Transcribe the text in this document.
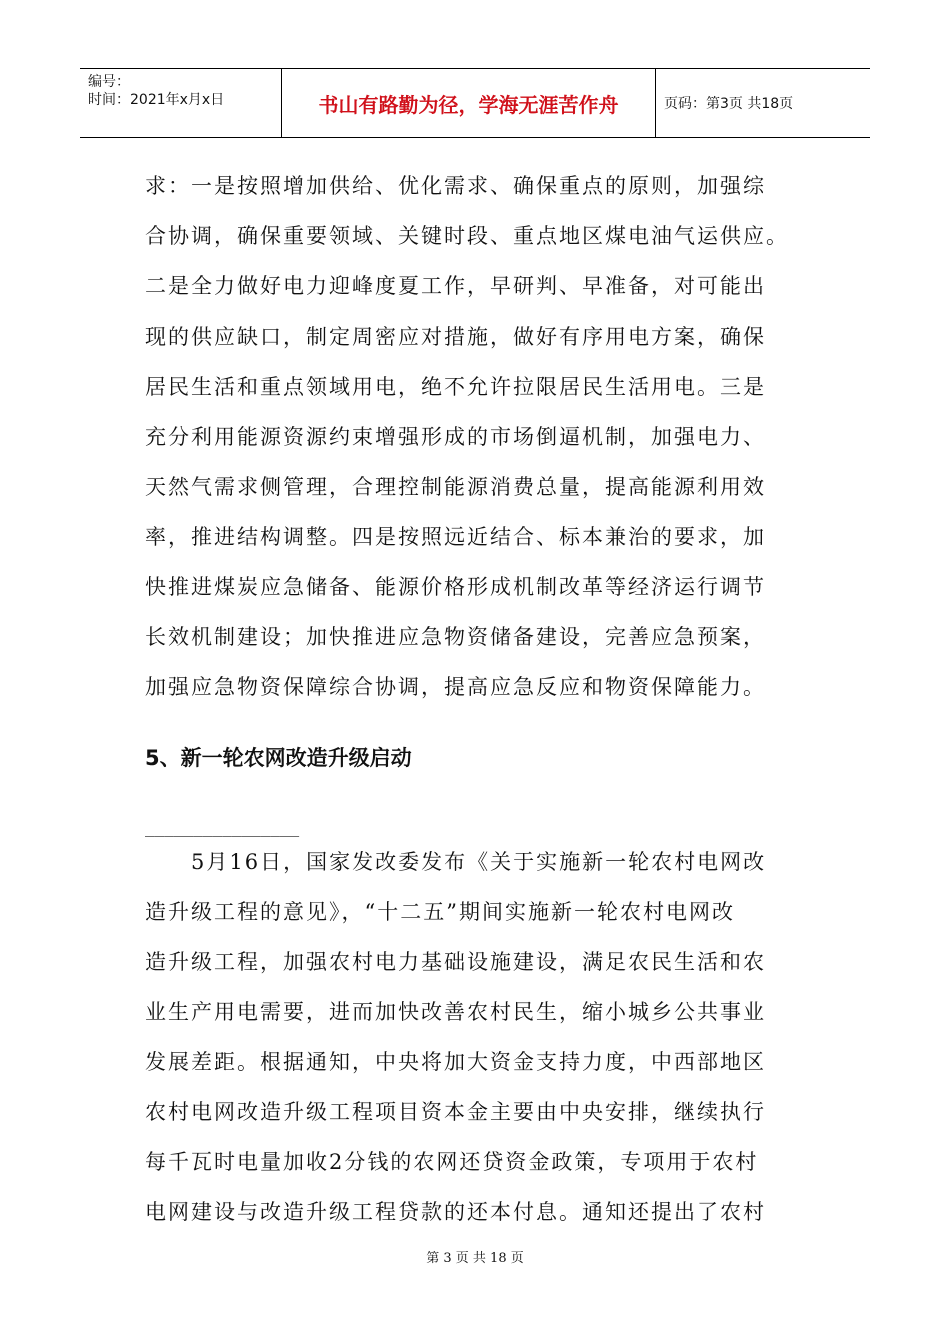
编号：
时间：2021年x月x日	书山有路勤为径，学海无涯苦作舟	页码：第3页 共18页
求：一是按照增加供给、优化需求、确保重点的原则，加强综
合协调，确保重要领域、关键时段、重点地区煤电油气运供应。
二是全力做好电力迎峰度夏工作，早研判、早准备，对可能出
现的供应缺口，制定周密应对措施，做好有序用电方案，确保
居民生活和重点领域用电，绝不允许拉限居民生活用电。三是
充分利用能源资源约束增强形成的市场倒逼机制，加强电力、
天然气需求侧管理，合理控制能源消费总量，提高能源利用效
率，推进结构调整。四是按照远近结合、标本兼治的要求，加
快推进煤炭应急储备、能源价格形成机制改革等经济运行调节
长效机制建设；加快推进应急物资储备建设，完善应急预案，
加强应急物资保障综合协调，提高应急反应和物资保障能力。
5、新一轮农网改造升级启动
________________
　　5月16日，国家发改委发布《关于实施新一轮农村电网改
造升级工程的意见》，“十二五”期间实施新一轮农村电网改
造升级工程，加强农村电力基础设施建设，满足农民生活和农
业生产用电需要，进而加快改善农村民生，缩小城乡公共事业
发展差距。根据通知，中央将加大资金支持力度，中西部地区
农村电网改造升级工程项目资本金主要由中央安排，继续执行
每千瓦时电量加收2分钱的农网还贷资金政策，专项用于农村
电网建设与改造升级工程贷款的还本付息。通知还提出了农村
第 3 页 共 18 页
